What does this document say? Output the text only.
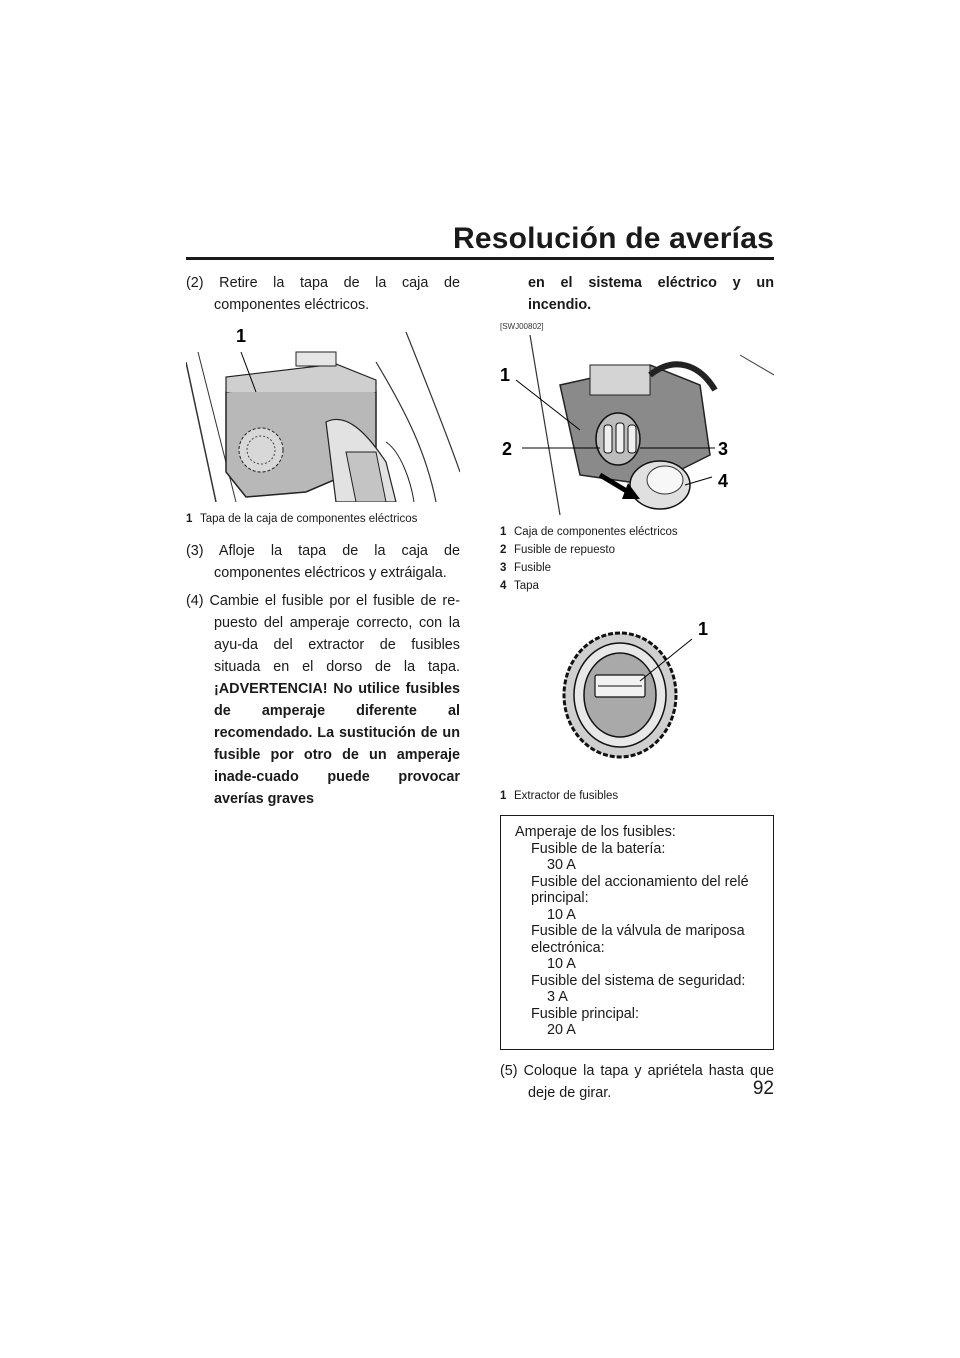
Resolución de averías

(2) Retire la tapa de la caja de componentes eléctricos.

1
1 Tapa de la caja de componentes eléctricos

(3) Afloje la tapa de la caja de componentes eléctricos y extráigala.

(4) Cambie el fusible por el fusible de re-puesto del amperaje correcto, con la ayu-da del extractor de fusibles situada en el dorso de la tapa. ¡ADVERTENCIA! No utilice fusibles de amperaje diferente al recomendado. La sustitución de un fusible por otro de un amperaje inade-cuado puede provocar averías graves

en el sistema eléctrico y un incendio.

[SWJ00802]
1
2	3
4
1 Caja de componentes eléctricos
2 Fusible de repuesto
3 Fusible
4 Tapa
1
1 Extractor de fusibles

Amperaje de los fusibles:

Fusible de la batería:

30 A

Fusible del accionamiento del relé

principal:

10 A

Fusible de la válvula de mariposa

electrónica:

10 A

Fusible del sistema de seguridad:

3 A

Fusible principal:

20 A

(5) Coloque la tapa y apriétela hasta que deje de girar.	92
